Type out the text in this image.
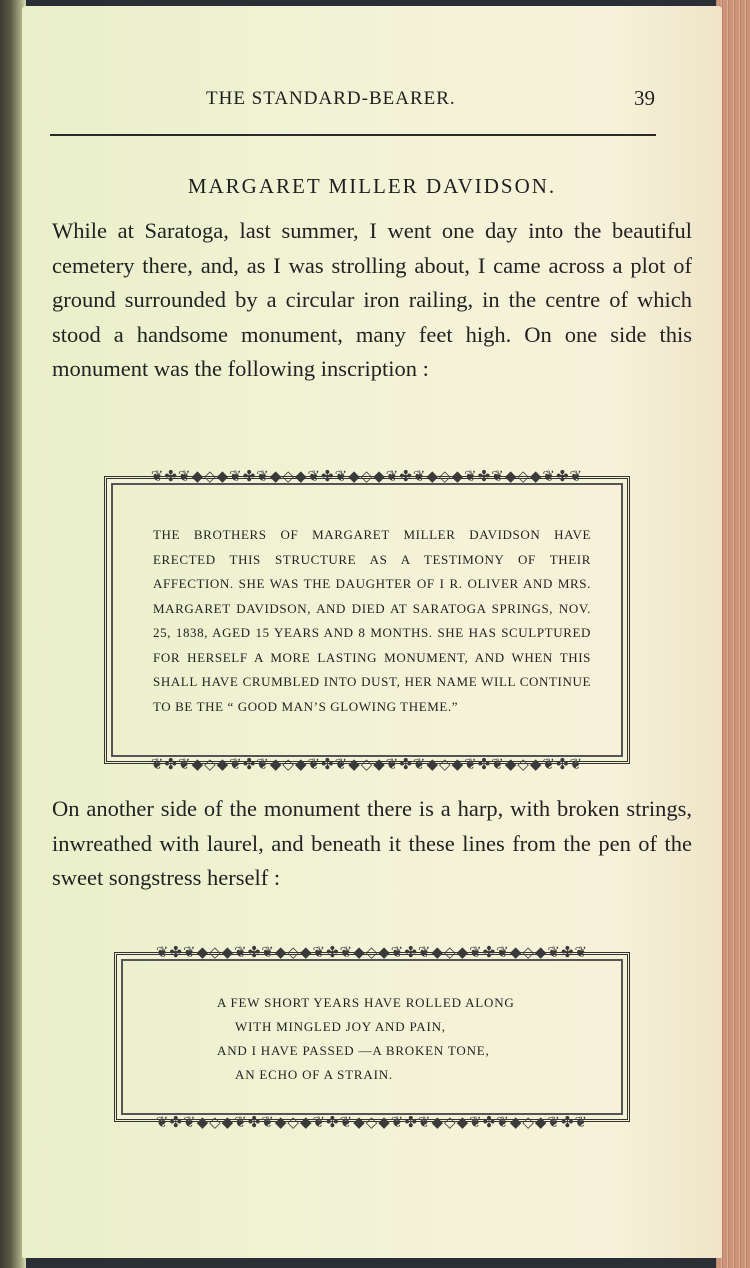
THE STANDARD-BEARER.	39
MARGARET MILLER DAVIDSON.

While at Saratoga, last summer, I went one day into the beautiful cemetery there, and, as I was strolling about, I came across a plot of ground surrounded by a circular iron railing, in the centre of which stood a handsome monument, many feet high. On one side this monument was the following inscription :

❦✤❦◆◇◆❦✤❦◆◇◆❦✤❦◆◇◆❦✤❦◆◇◆❦✤❦◆◇◆❦✤❦
THE BROTHERS OF MARGARET MILLER DAVIDSON HAVE ERECTED THIS STRUCTURE AS A TESTIMONY OF THEIR AFFECTION. SHE WAS THE DAUGHTER OF I R. OLIVER AND MRS. MARGARET DAVIDSON, AND DIED AT SARATOGA SPRINGS, NOV. 25, 1838, AGED 15 YEARS AND 8 MONTHS. SHE HAS SCULPTURED FOR HERSELF A MORE LASTING MONUMENT, AND WHEN THIS SHALL HAVE CRUMBLED INTO DUST, HER NAME WILL CONTINUE TO BE THE “ GOOD MAN’S GLOWING THEME.”
❦✤❦◆◇◆❦✤❦◆◇◆❦✤❦◆◇◆❦✤❦◆◇◆❦✤❦◆◇◆❦✤❦

On another side of the monument there is a harp, with broken strings, inwreathed with laurel, and beneath it these lines from the pen of the sweet songstress herself :

❦✤❦◆◇◆❦✤❦◆◇◆❦✤❦◆◇◆❦✤❦◆◇◆❦✤❦◆◇◆❦✤❦
A FEW SHORT YEARS HAVE ROLLED ALONG
WITH MINGLED JOY AND PAIN,
AND I HAVE PASSED —A BROKEN TONE,
AN ECHO OF A STRAIN.
❦✤❦◆◇◆❦✤❦◆◇◆❦✤❦◆◇◆❦✤❦◆◇◆❦✤❦◆◇◆❦✤❦
